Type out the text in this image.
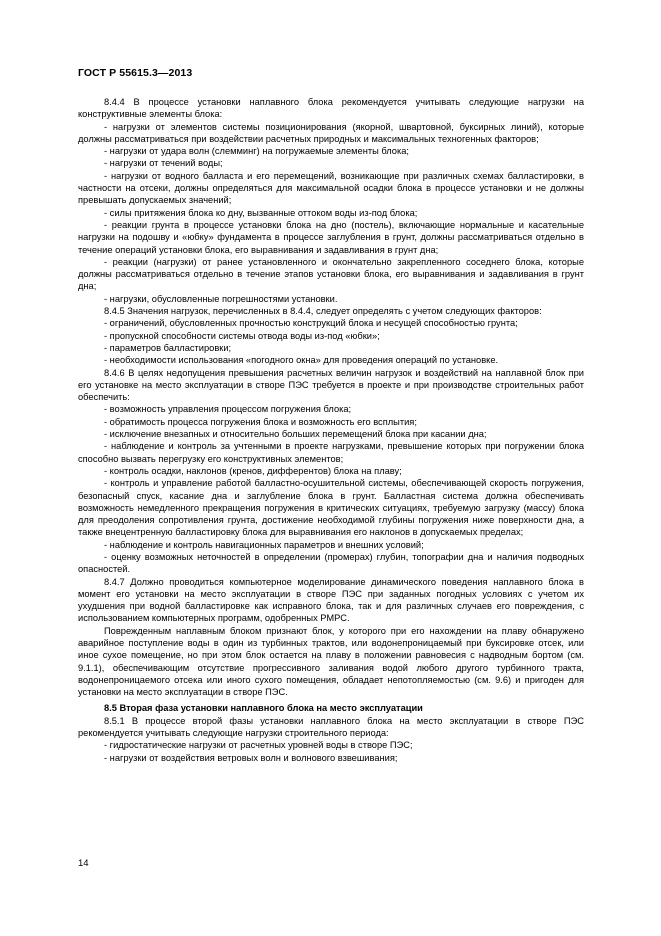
ГОСТ Р 55615.3—2013

8.4.4 В процессе установки наплавного блока рекомендуется учитывать следующие нагрузки на конструктивные элементы блока:

- нагрузки от элементов системы позиционирования (якорной, швартовной, буксирных линий), которые должны рассматриваться при воздействии расчетных природных и максимальных техногенных факторов;

- нагрузки от удара волн (слемминг) на погружаемые элементы блока;

- нагрузки от течений воды;

- нагрузки от водного балласта и его перемещений, возникающие при различных схемах балластировки, в частности на отсеки, должны определяться для максимальной осадки блока в процессе установки и не должны превышать допускаемых значений;

- силы притяжения блока ко дну, вызванные оттоком воды из-под блока;

- реакции грунта в процессе установки блока на дно (постель), включающие нормальные и касательные нагрузки на подошву и «юбку» фундамента в процессе заглубления в грунт, должны рассматриваться отдельно в течение операций установки блока, его выравнивания и задавливания в грунт дна;

- реакции (нагрузки) от ранее установленного и окончательно закрепленного соседнего блока, которые должны рассматриваться отдельно в течение этапов установки блока, его выравнивания и задавливания в грунт дна;

- нагрузки, обусловленные погрешностями установки.

8.4.5 Значения нагрузок, перечисленных в 8.4.4, следует определять с учетом следующих факторов:

- ограничений, обусловленных прочностью конструкций блока и несущей способностью грунта;

- пропускной способности системы отвода воды из-под «юбки»;

- параметров балластировки;

- необходимости использования «погодного окна» для проведения операций по установке.

8.4.6 В целях недопущения превышения расчетных величин нагрузок и воздействий на наплавной блок при его установке на место эксплуатации в створе ПЭС требуется в проекте и при производстве строительных работ обеспечить:

- возможность управления процессом погружения блока;

- обратимость процесса погружения блока и возможность его всплытия;

- исключение внезапных и относительно больших перемещений блока при касании дна;

- наблюдение и контроль за учтенными в проекте нагрузками, превышение которых при погружении блока способно вызвать перегрузку его конструктивных элементов;

- контроль осадки, наклонов (кренов, дифферентов) блока на плаву;

- контроль и управление работой балластно-осушительной системы, обеспечивающей скорость погружения, безопасный спуск, касание дна и заглубление блока в грунт. Балластная система должна обеспечивать возможность немедленного прекращения погружения в критических ситуациях, требуемую загрузку (массу) блока для преодоления сопротивления грунта, достижение необходимой глубины погружения ниже поверхности дна, а также внецентренную балластировку блока для выравнивания его наклонов в допускаемых пределах;

- наблюдение и контроль навигационных параметров и внешних условий;

- оценку возможных неточностей в определении (промерах) глубин, топографии дна и наличия подводных опасностей.

8.4.7 Должно проводиться компьютерное моделирование динамического поведения наплавного блока в момент его установки на место эксплуатации в створе ПЭС при заданных погодных условиях с учетом их ухудшения при водной балластировке как исправного блока, так и для различных случаев его повреждения, с использованием компьютерных программ, одобренных РМРС.

Поврежденным наплавным блоком признают блок, у которого при его нахождении на плаву обнаружено аварийное поступление воды в один из турбинных трактов, или водонепроницаемый при буксировке отсек, или иное сухое помещение, но при этом блок остается на плаву в положении равновесия с надводным бортом (см. 9.1.1), обеспечивающим отсутствие прогрессивного заливания водой любого другого турбинного тракта, водонепроницаемого отсека или иного сухого помещения, обладает непотопляемостью (см. 9.6) и пригоден для установки на место эксплуатации в створе ПЭС.

8.5 Вторая фаза установки наплавного блока на место эксплуатации

8.5.1 В процессе второй фазы установки наплавного блока на место эксплуатации в створе ПЭС рекомендуется учитывать следующие нагрузки строительного периода:

- гидростатические нагрузки от расчетных уровней воды в створе ПЭС;

- нагрузки от воздействия ветровых волн и волнового взвешивания;

14
